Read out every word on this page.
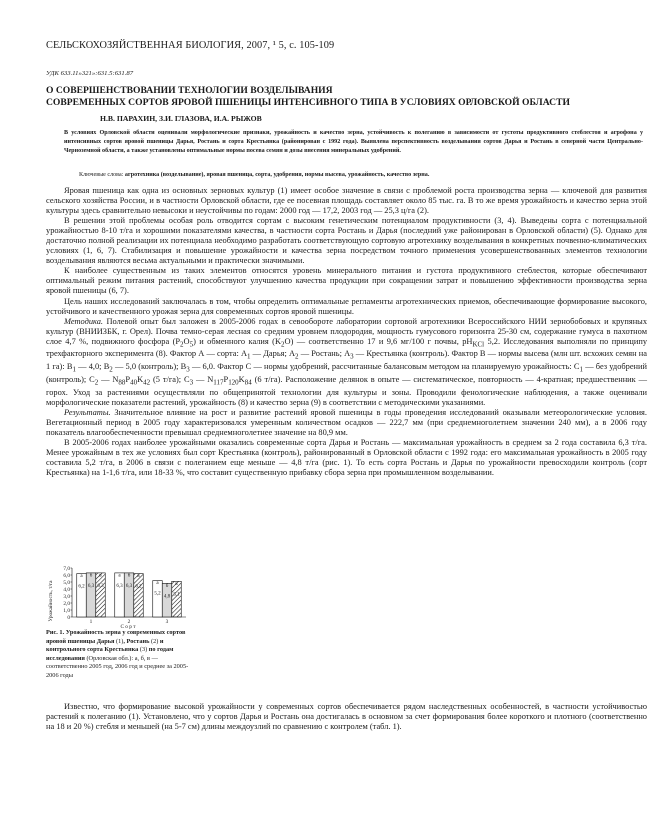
СЕЛЬСКОХОЗЯЙСТВЕННАЯ БИОЛОГИЯ, 2007, ¹ 5, с. 105-109
УДК 633.11»321»:631.5:631.87
О СОВЕРШЕНСТВОВАНИИ ТЕХНОЛОГИИ ВОЗДЕЛЫВАНИЯ
СОВРЕМЕННЫХ СОРТОВ ЯРОВОЙ ПШЕНИЦЫ ИНТЕНСИВНОГО ТИПА В УСЛОВИЯХ ОРЛОВСКОЙ ОБЛАСТИ
Н.В. ПАРАХИН, З.И. ГЛАЗОВА, И.А. РЫЖОВ
В условиях Орловской области оценивали морфологические признаки, урожайность и качество зерна, устойчивость к полеганию в зависимости от густоты продуктивного стеблестоя и агрофона у интенсивных сортов яровой пшеницы Дарья, Ростань и сорта Крестьянка (районирован с 1992 года). Выявлена перспективность возделывания сортов Дарья и Ростань в северной части Центрально-Черноземной области, а также установлены оптимальные нормы посева семян и дозы внесения минеральных удобрений.
Ключевые слова: агротехника (возделывание), яровая пшеница, сорта, удобрения, нормы высева, урожайность, качество зерна.

Яровая пшеница как одна из основных зерновых культур (1) имеет особое значение в связи с проблемой роста производства зерна — ключевой для развития сельского хозяйства России, и в частности Орловской области, где ее посевная площадь составляет около 85 тыс. га. В то же время урожайность и качество зерна этой культуры здесь сравнительно невысоки и неустойчивы по годам: 2000 год — 17,2, 2003 год — 25,3 ц/га (2).

В решении этой проблемы особая роль отводится сортам с высоким генетическим потенциалом продуктивности (3, 4). Выведены сорта с потенциальной урожайностью 8-10 т/га и хорошими показателями качества, в частности сорта Ростань и Дарья (последний уже районирован в Орловской области) (5). Однако для достаточно полной реализации их потенциала необходимо разработать соответствующую сортовую агротехнику возделывания в конкретных почвенно-климатических условиях (1, 6, 7). Стабилизация и повышение урожайности и качества зерна посредством точного применения усовершенствованных элементов технологии возделывания являются весьма актуальными и практически значимыми.

К наиболее существенным из таких элементов относятся уровень минерального питания и густота продуктивного стеблестоя, которые обеспечивают оптимальный режим питания растений, способствуют улучшению качества продукции при сокращении затрат и повышению эффективности производства зерна яровой пшеницы (6, 7).

Цель наших исследований заключалась в том, чтобы определить оптимальные регламенты агротехнических приемов, обеспечивающие формирование высокого, устойчивого и качественного урожая зерна для современных сортов яровой пшеницы.

Методика. Полевой опыт был заложен в 2005-2006 годах в севообороте лаборатории сортовой агротехники Всероссийского НИИ зернобобовых и крупяных культур (ВНИИЗБК, г. Орел). Почва темно-серая лесная со средним уровнем плодородия, мощность гумусового горизонта 25-30 см, содержание гумуса в пахотном слое 4,7 %, подвижного фосфора $(P_2O_5)$ и обменного калия $(K_2O)$ — соответственно 17 и 9,6 мг/100 г почвы, $pH_{KCl}$ 5,2. Исследования выполняли по принципу трехфакторного эксперимента (8). Фактор А — сорта: $А_1$ — Дарья; $А_2$ — Ростань; $А_3$ — Крестьянка (контроль). Фактор В — нормы высева (млн шт. всхожих семян на 1 га): $В_1$ — 4,0; $В_2$ — 5,0 (контроль); $В_3$ — 6,0. Фактор С — нормы удобрений, рассчитанные балансовым методом на планируемую урожайность: $С_1$ — без удобрений (контроль); $С_2$ — $N_{88}P_{40}K_{42}$ (5 т/га); $С_3$ — $N_{117}P_{120}K_{84}$ (6 т/га). Расположение делянок в опыте — систематическое, повторность — 4-кратная; предшественник — горох. Уход за растениями осуществляли по общепринятой технологии для культуры и зоны. Проводили фенологические наблюдения, а также оценивали морфологические показатели растений, урожайность (8) и качество зерна (9) в соответствии с методическими указаниями.

Результаты. Значительное влияние на рост и развитие растений яровой пшеницы в годы проведения исследований оказывали метеорологические условия. Вегетационный период в 2005 году характеризовался умеренным количеством осадков — 222,7 мм (при среднемноголетнем значении 240 мм), а в 2006 году показатель влагообеспеченности превышал среднемноголетнее значение на 80,9 мм.

В 2005-2006 годах наиболее урожайными оказались современные сорта Дарья и Ростань — максимальная урожайность в среднем за 2 года составила 6,3 т/га. Менее урожайным в тех же условиях был сорт Крестьянка (контроль), районированный в Орловской области с 1992 года: его максимальная урожайность в 2005 году составила 5,2 т/га, в 2006 в связи с полеганием еще меньше — 4,8 т/га (рис. 1). То есть сорта Ростань и Дарья по урожайности превосходили контроль (сорт Крестьянка) на 1-1,6 т/га, или 18-33 %, что составит существенную прибавку сбора зерна при промышленном возделывании.

Урожайность, т/га
7,0
6,0
5,0
4,0
3,0
2,0
1,0
0
a
6,2
б
6,3
в
6,3
a
6,3
б
6,3
в
6,2
a
5,2
б
4,8
в
5,1
1	2	3
С о р т
Рис. 1. Урожайность зерна у современных сортов яровой пшеницы Дарья (1), Ростань (2) и контрольного сорта Крестьянка (3) по годам исследования (Орловская обл.): а, б, в — соответственно 2005 год, 2006 год и среднее за 2005-2006 годы

Известно, что формирование высокой урожайности у современных сортов обеспечивается рядом наследственных особенностей, в частности устойчивостью растений к полеганию (1). Установлено, что у сортов Дарья и Ростань она достигалась в основном за счет формирования более короткого и плотного (соответственно на 18 и 20 %) стебля и меньшей (на 5-7 см) длины междоузлий по сравнению с контролем (табл. 1).
